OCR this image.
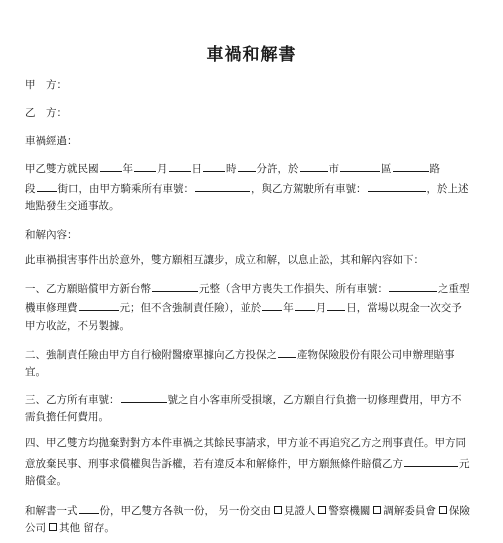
車禍和解書
甲　方：
乙　方：
車禍經過：
甲乙雙方就民國 年 月 日 時 分許，於	市	區	路
段 街口，由甲方騎乘所有車號：	，與乙方駕駛所有車號：	，於上述
地點發生交通事故。
和解內容：
此車禍損害事件出於意外，雙方願相互讓步，成立和解，以息止訟，其和解內容如下：
一、乙方願賠償甲方新台幣	元整（含甲方喪失工作損失、所有車號：	之重型
機車修理費	元；但不含強制責任險），並於 年 月 日，當場以現金一次交予
甲方收訖，不另製據。
二、強制責任險由甲方自行檢附醫療單據向乙方投保之 產物保險股份有限公司申辦理賠事
宜。
三、乙方所有車號：	號之自小客車所受損壞，乙方願自行負擔一切修理費用，甲方不
需負擔任何費用。
四、甲乙雙方均拋棄對對方本件車禍之其餘民事請求，甲方並不再追究乙方之刑事責任。甲方同
意放棄民事、刑事求償權與告訴權，若有違反本和解條件，甲方願無條件賠償乙方	元
賠償金。
和解書一式 份，甲乙雙方各執一份， 另一份交由 見證人 警察機關 調解委員會 保險
公司 其他 留存。
